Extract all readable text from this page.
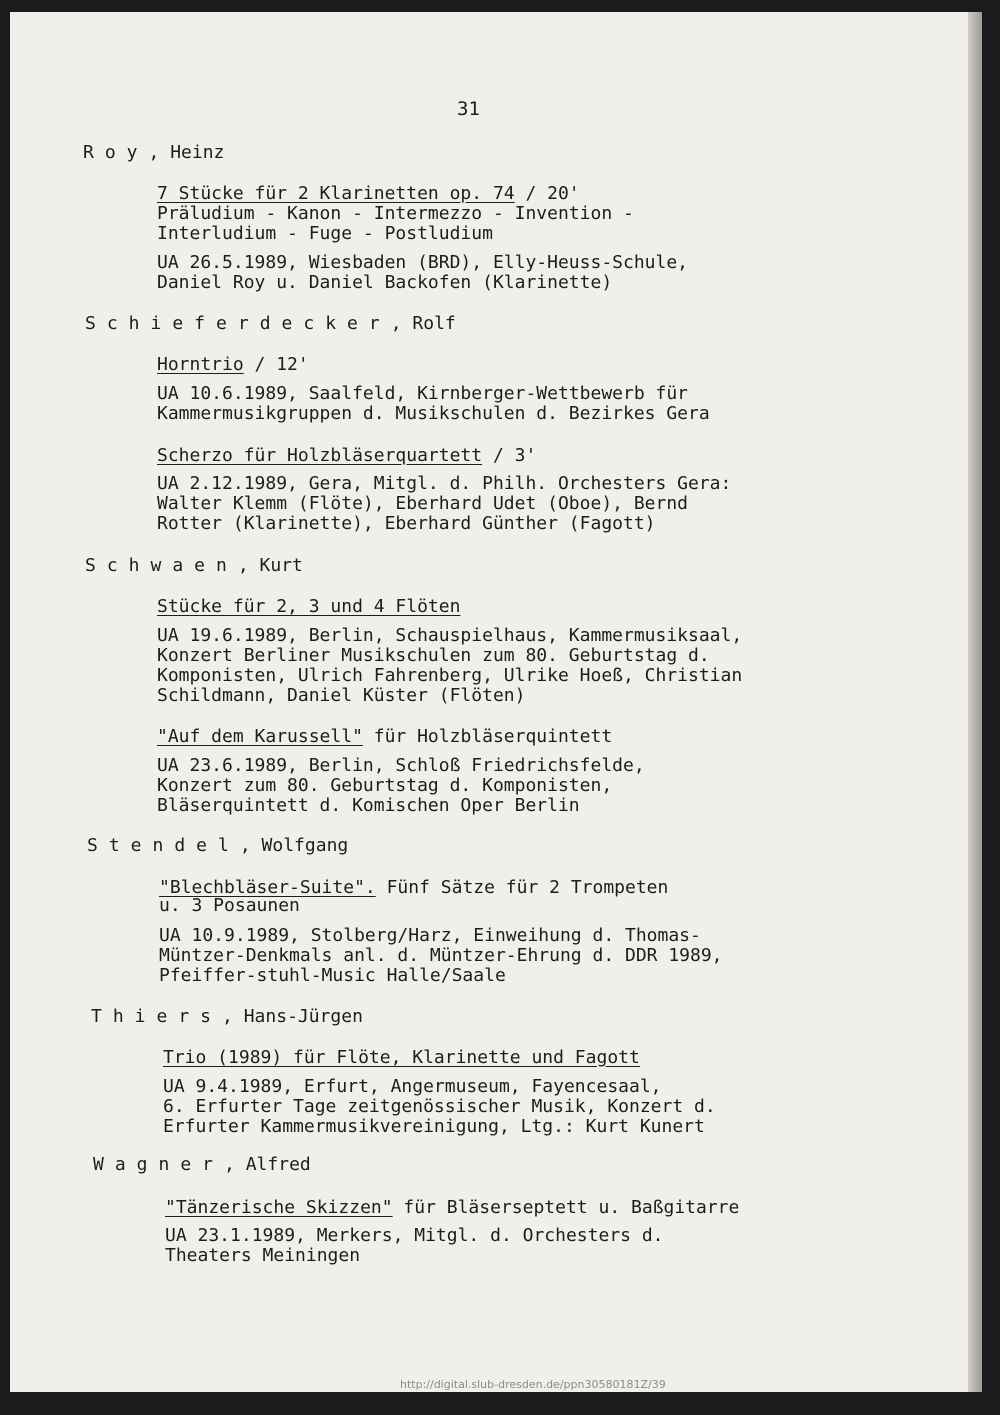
31
Roy, Heinz
7 Stücke für 2 Klarinetten op. 74 / 20'
Präludium - Kanon - Intermezzo - Invention -
Interludium - Fuge - Postludium
UA 26.5.1989, Wiesbaden (BRD), Elly-Heuss-Schule,
Daniel Roy u. Daniel Backofen (Klarinette)
Schieferdecker, Rolf
Horntrio / 12'
UA 10.6.1989, Saalfeld, Kirnberger-Wettbewerb für
Kammermusikgruppen d. Musikschulen d. Bezirkes Gera
Scherzo für Holzbläserquartett / 3'
UA 2.12.1989, Gera, Mitgl. d. Philh. Orchesters Gera:
Walter Klemm (Flöte), Eberhard Udet (Oboe), Bernd
Rotter (Klarinette), Eberhard Günther (Fagott)
Schwaen, Kurt
Stücke für 2, 3 und 4 Flöten
UA 19.6.1989, Berlin, Schauspielhaus, Kammermusiksaal,
Konzert Berliner Musikschulen zum 80. Geburtstag d.
Komponisten, Ulrich Fahrenberg, Ulrike Hoeß, Christian
Schildmann, Daniel Küster (Flöten)
"Auf dem Karussell" für Holzbläserquintett
UA 23.6.1989, Berlin, Schloß Friedrichsfelde,
Konzert zum 80. Geburtstag d. Komponisten,
Bläserquintett d. Komischen Oper Berlin
Stendel, Wolfgang
"Blechbläser-Suite". Fünf Sätze für 2 Trompeten
u. 3 Posaunen
UA 10.9.1989, Stolberg/Harz, Einweihung d. Thomas-
Müntzer-Denkmals anl. d. Müntzer-Ehrung d. DDR 1989,
Pfeiffer-stuhl-Music Halle/Saale
Thiers, Hans-Jürgen
Trio (1989) für Flöte, Klarinette und Fagott
UA 9.4.1989, Erfurt, Angermuseum, Fayencesaal,
6. Erfurter Tage zeitgenössischer Musik, Konzert d.
Erfurter Kammermusikvereinigung, Ltg.: Kurt Kunert
Wagner, Alfred
"Tänzerische Skizzen" für Bläserseptett u. Baßgitarre
UA 23.1.1989, Merkers, Mitgl. d. Orchesters d.
Theaters Meiningen
http://digital.slub-dresden.de/ppn30580181Z/39
